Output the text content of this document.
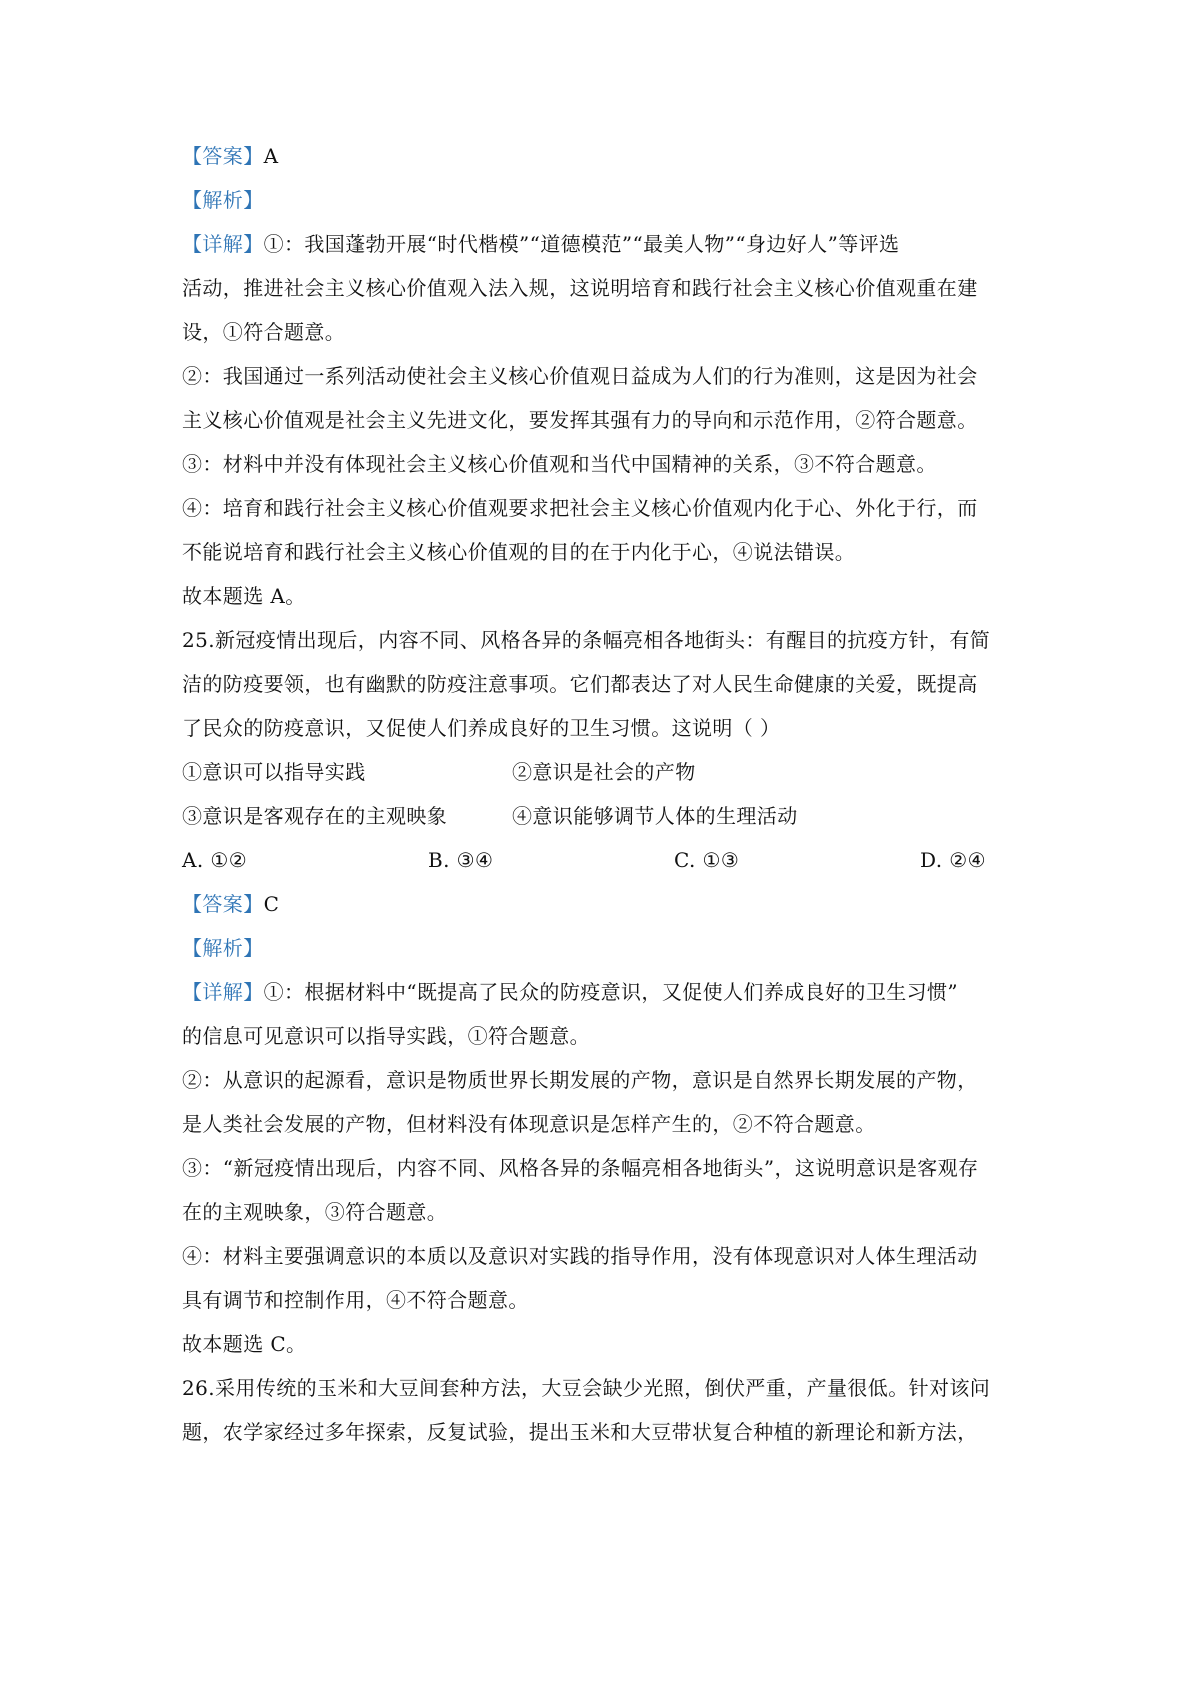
【答案】A
【解析】
【详解】①：我国蓬勃开展“时代楷模”“道德模范”“最美人物”“身边好人”等评选
活动，推进社会主义核心价值观入法入规，这说明培育和践行社会主义核心价值观重在建
设，①符合题意。
②：我国通过一系列活动使社会主义核心价值观日益成为人们的行为准则，这是因为社会
主义核心价值观是社会主义先进文化，要发挥其强有力的导向和示范作用，②符合题意。
③：材料中并没有体现社会主义核心价值观和当代中国精神的关系，③不符合题意。
④：培育和践行社会主义核心价值观要求把社会主义核心价值观内化于心、外化于行，而
不能说培育和践行社会主义核心价值观的目的在于内化于心，④说法错误。
故本题选 A。
25.新冠疫情出现后，内容不同、风格各异的条幅亮相各地街头：有醒目的抗疫方针，有简
洁的防疫要领，也有幽默的防疫注意事项。它们都表达了对人民生命健康的关爱，既提高
了民众的防疫意识，又促使人们养成良好的卫生习惯。这说明（ ）
①意识可以指导实践	②意识是社会的产物
③意识是客观存在的主观映象	④意识能够调节人体的生理活动
A. ①②	B. ③④	C. ①③	D. ②④
【答案】C
【解析】
【详解】①：根据材料中“既提高了民众的防疫意识，又促使人们养成良好的卫生习惯”
的信息可见意识可以指导实践，①符合题意。
②：从意识的起源看，意识是物质世界长期发展的产物，意识是自然界长期发展的产物，
是人类社会发展的产物，但材料没有体现意识是怎样产生的，②不符合题意。
③：“新冠疫情出现后，内容不同、风格各异的条幅亮相各地街头”，这说明意识是客观存
在的主观映象，③符合题意。
④：材料主要强调意识的本质以及意识对实践的指导作用，没有体现意识对人体生理活动
具有调节和控制作用，④不符合题意。
故本题选 C。
26.采用传统的玉米和大豆间套种方法，大豆会缺少光照，倒伏严重，产量很低。针对该问
题，农学家经过多年探索，反复试验，提出玉米和大豆带状复合种植的新理论和新方法，
